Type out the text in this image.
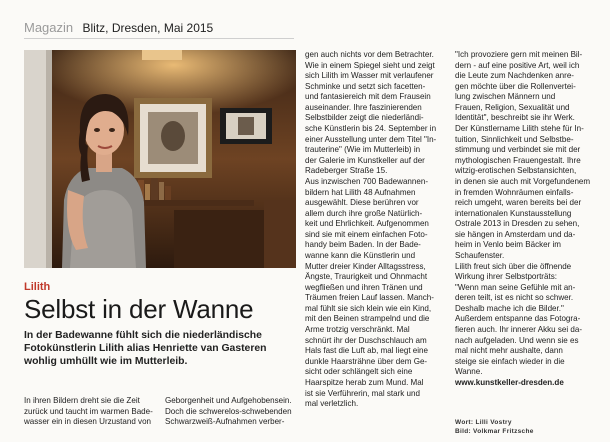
Magazin Blitz, Dresden, Mai 2015
Lilith
Selbst in der Wanne
In der Badewanne fühlt sich die niederländische
Fotokünstlerin Lilith alias Henriette van Gasteren
wohlig umhüllt wie im Mutterleib.
In ihren Bildern dreht sie die Zeit
zurück und taucht im warmen Bade-
wasser ein in diesen Urzustand von
Geborgenheit und Aufgehobensein.
Doch die schwerelos-schwebenden
Schwarzweiß-Aufnahmen verber-
gen auch nichts vor dem Betrachter.
Wie in einem Spiegel sieht und zeigt
sich Lilith im Wasser mit verlaufener
Schminke und setzt sich facetten-
und fantasiereich mit dem Frausein
auseinander. Ihre faszinierenden
Selbstbilder zeigt die niederländi-
sche Künstlerin bis 24. September in
einer Ausstellung unter dem Titel "In-
trauterine" (Wie im Mutterleib) in
der Galerie im Kunstkeller auf der
Radeberger Straße 15.
Aus inzwischen 700 Badewannen-
bildern hat Lilith 48 Aufnahmen
ausgewählt. Diese berühren vor
allem durch ihre große Natürlich-
keit und Ehrlichkeit. Aufgenommen
sind sie mit einem einfachen Foto-
handy beim Baden. In der Bade-
wanne kann die Künstlerin und
Mutter dreier Kinder Alltagsstress,
Ängste, Traurigkeit und Ohnmacht
wegfließen und ihren Tränen und
Träumen freien Lauf lassen. Manch-
mal fühlt sie sich klein wie ein Kind,
mit den Beinen strampelnd und die
Arme trotzig verschränkt. Mal
schnürt ihr der Duschschlauch am
Hals fast die Luft ab, mal liegt eine
dunkle Haarsträhne über dem Ge-
sicht oder schlängelt sich eine
Haarspitze herab zum Mund. Mal
ist sie Verführerin, mal stark und
mal verletzlich.
"Ich provoziere gern mit meinen Bil-
dern - auf eine positive Art, weil ich
die Leute zum Nachdenken anre-
gen möchte über die Rollenvertei-
lung zwischen Männern und
Frauen, Religion, Sexualität und
Identität", beschreibt sie ihr Werk.
Der Künstlername Lilith stehe für In-
tuition, Sinnlichkeit und Selbstbe-
stimmung und verbindet sie mit der
mythologischen Frauengestalt. Ihre
witzig-erotischen Selbstansichten,
in denen sie auch mit Vorgefundenem
in fremden Wohnräumen einfalls-
reich umgeht, waren bereits bei der
internationalen Kunstausstellung
Ostrale 2013 in Dresden zu sehen,
sie hängen in Amsterdam und da-
heim in Venlo beim Bäcker im
Schaufenster.
Lilith freut sich über die öffnende
Wirkung ihrer Selbstporträts:
"Wenn man seine Gefühle mit an-
deren teilt, ist es nicht so schwer.
Deshalb mache ich die Bilder."
Außerdem entspanne das Fotogra-
fieren auch. Ihr innerer Akku sei da-
nach aufgeladen. Und wenn sie es
mal nicht mehr aushalte, dann
steige sie einfach wieder in die
Wanne.
www.kunstkeller-dresden.de
Wort: Lilli Vostry
Bild: Volkmar Fritzsche
